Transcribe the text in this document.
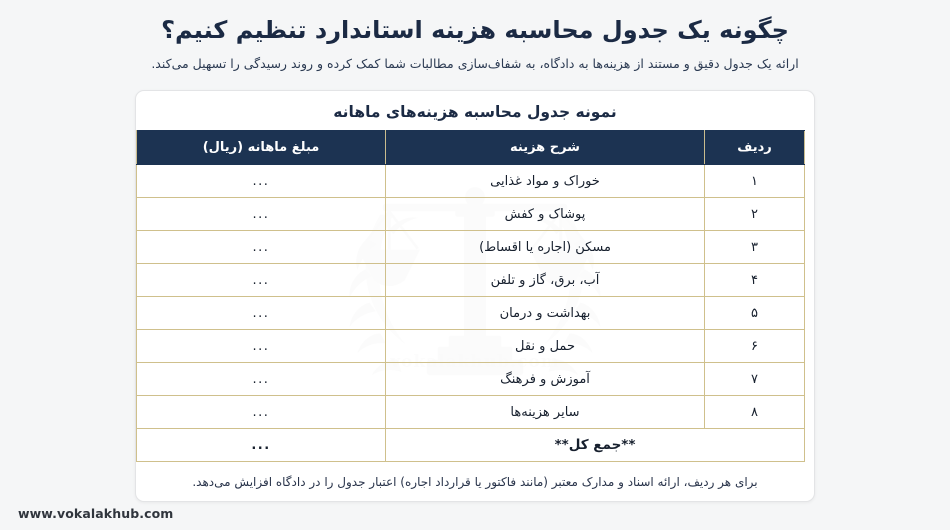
چگونه یک جدول محاسبه هزینه استاندارد تنظیم کنیم؟

ارائه یک جدول دقیق و مستند از هزینه‌ها به دادگاه، به شفاف‌سازی مطالبات شما کمک کرده و روند رسیدگی را تسهیل می‌کند.

نمونه جدول محاسبه هزینه‌های ماهانه
ردیف	شرح هزینه	مبلغ ماهانه (ریال)
۱	خوراک و مواد غذایی	...
۲	پوشاک و کفش	...
۳	مسکن (اجاره یا اقساط)	...
۴	آب، برق، گاز و تلفن	...
۵	بهداشت و درمان	...
۶	حمل و نقل	...
۷	آموزش و فرهنگ	...
۸	سایر هزینه‌ها	...
**جمع کل**		...

برای هر ردیف، ارائه اسناد و مدارک معتبر (مانند فاکتور یا قرارداد اجاره) اعتبار جدول را در دادگاه افزایش می‌دهد.

www.vokalakhub.com
